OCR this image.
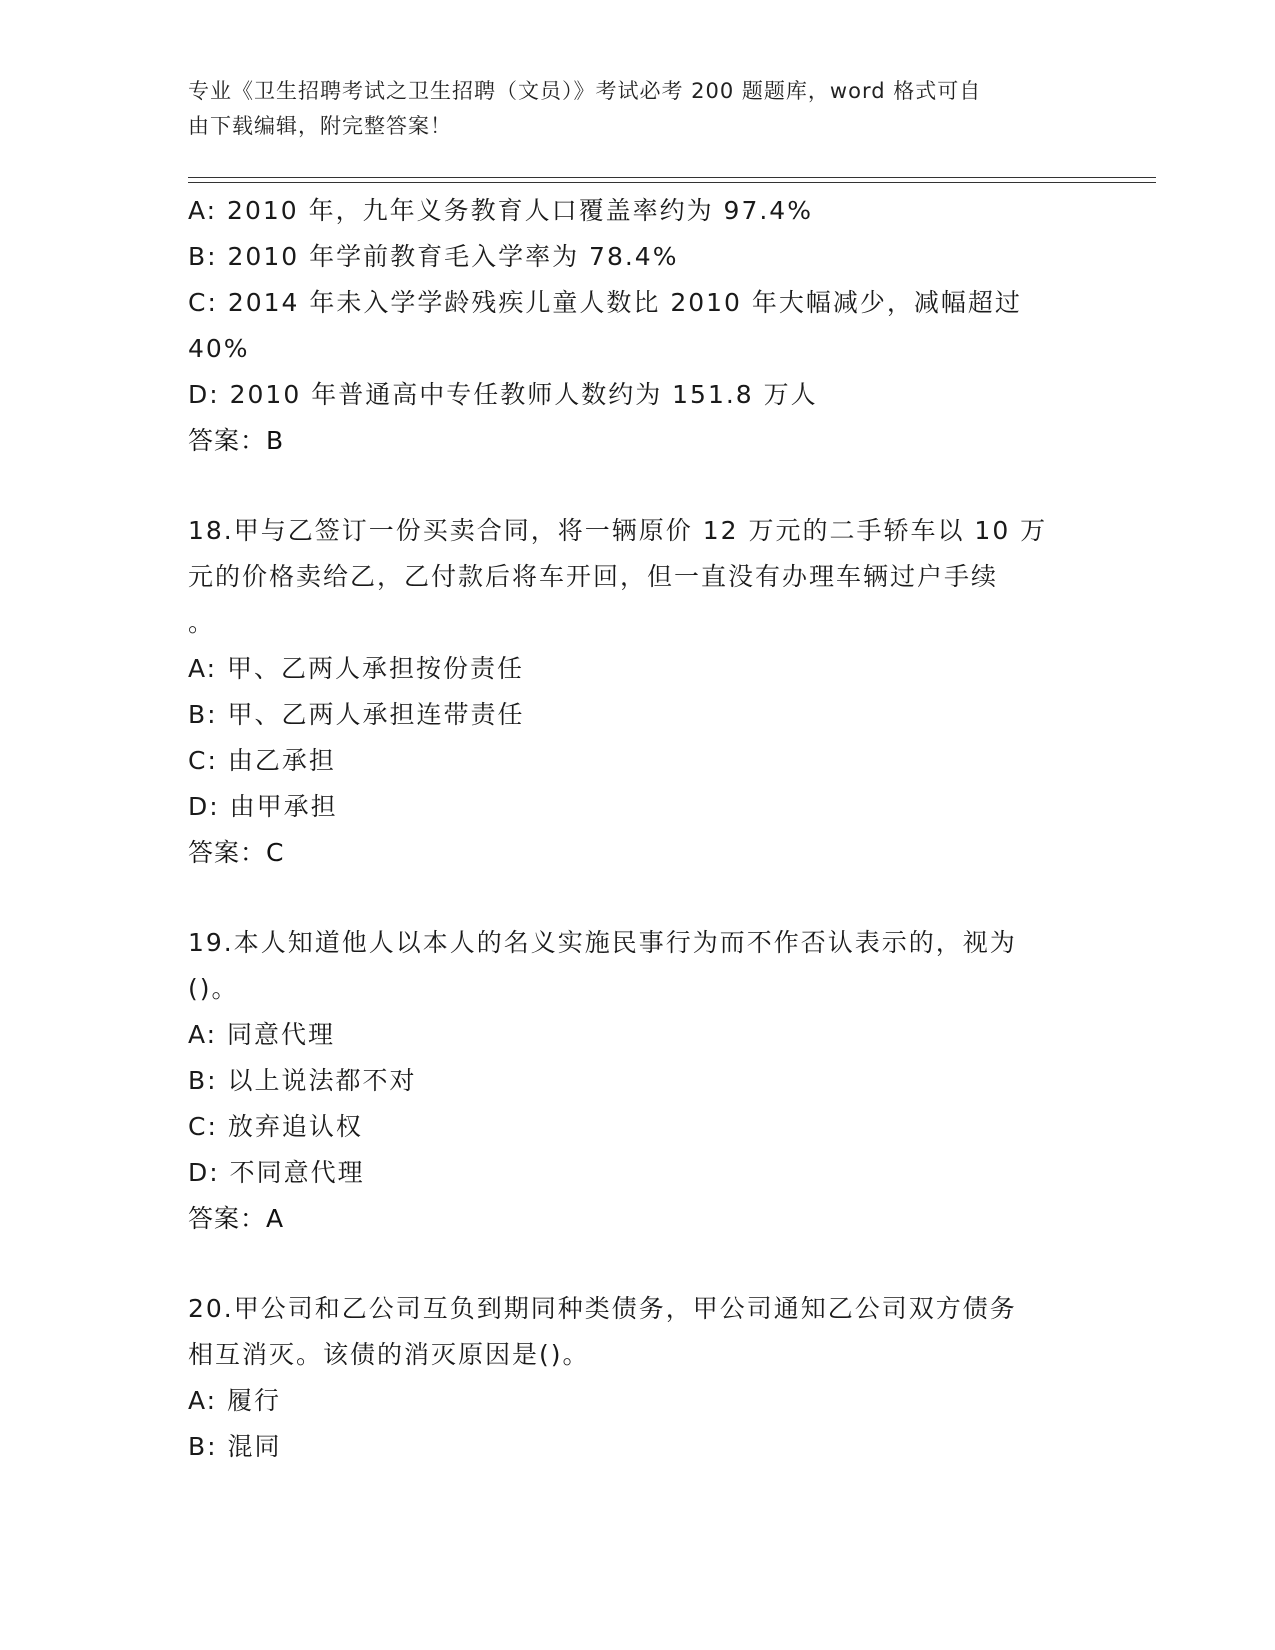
专业《卫生招聘考试之卫生招聘（文员）》考试必考 200 题题库，word 格式可自
由下载编辑，附完整答案！
A: 2010 年，九年义务教育人口覆盖率约为 97.4%
B: 2010 年学前教育毛入学率为 78.4%
C: 2014 年未入学学龄残疾儿童人数比 2010 年大幅减少，减幅超过
40%
D: 2010 年普通高中专任教师人数约为 151.8 万人
答案：B
18.甲与乙签订一份买卖合同，将一辆原价 12 万元的二手轿车以 10 万
元的价格卖给乙，乙付款后将车开回，但一直没有办理车辆过户手续
。
A: 甲、乙两人承担按份责任
B: 甲、乙两人承担连带责任
C: 由乙承担
D: 由甲承担
答案：C
19.本人知道他人以本人的名义实施民事行为而不作否认表示的，视为
()。
A: 同意代理
B: 以上说法都不对
C: 放弃追认权
D: 不同意代理
答案：A
20.甲公司和乙公司互负到期同种类债务，甲公司通知乙公司双方债务
相互消灭。该债的消灭原因是()。
A: 履行
B: 混同
